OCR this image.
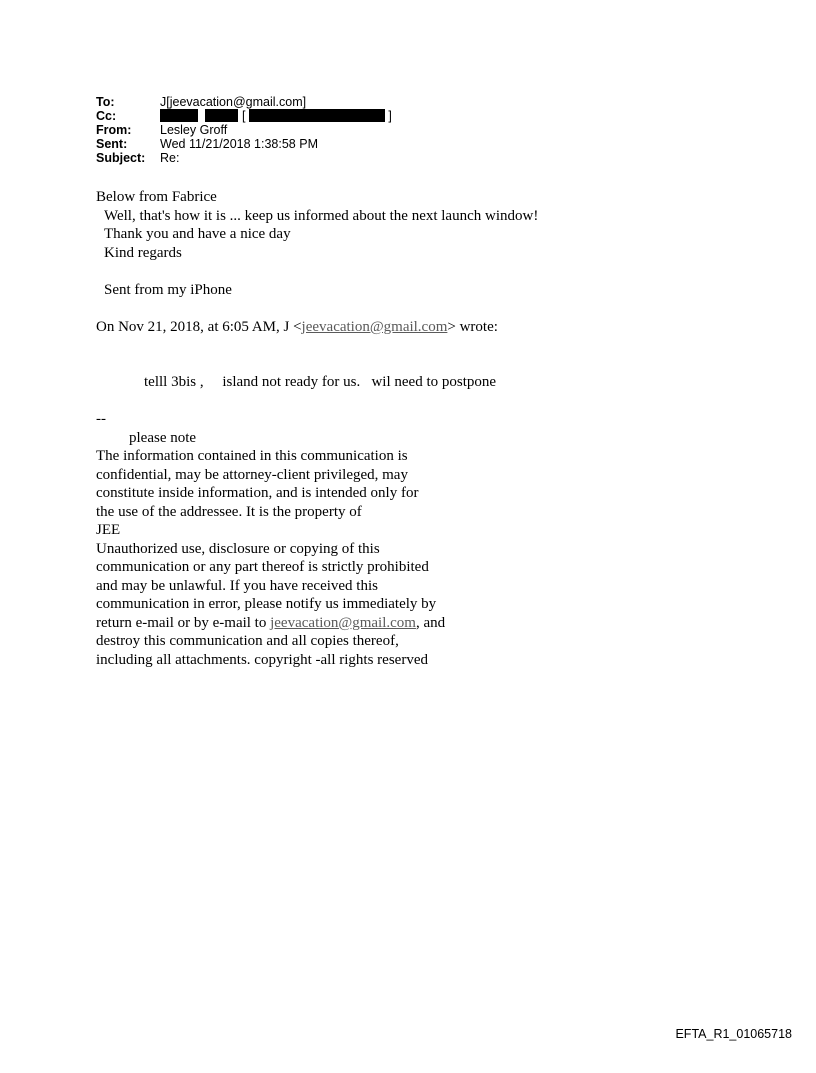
To:	J[jeevacation@gmail.com]
Cc:	[	]
From: Lesley Groff
Sent:	Wed 11/21/2018 1:38:58 PM
Subject: Re:
Below from Fabrice
Well, that's how it is ... keep us informed about the next launch window!
Thank you and have a nice day
Kind regards
Sent from my iPhone
On Nov 21, 2018, at 6:05 AM, J <jeevacation@gmail.com> wrote:
telll 3bis ,     island not ready for us.   wil need to postpone
--
please note
The information contained in this communication is
confidential, may be attorney-client privileged, may
constitute inside information, and is intended only for
the use of the addressee. It is the property of
JEE
Unauthorized use, disclosure or copying of this
communication or any part thereof is strictly prohibited
and may be unlawful. If you have received this
communication in error, please notify us immediately by
return e-mail or by e-mail to jeevacation@gmail.com, and
destroy this communication and all copies thereof,
including all attachments. copyright -all rights reserved
EFTA_R1_01065718
